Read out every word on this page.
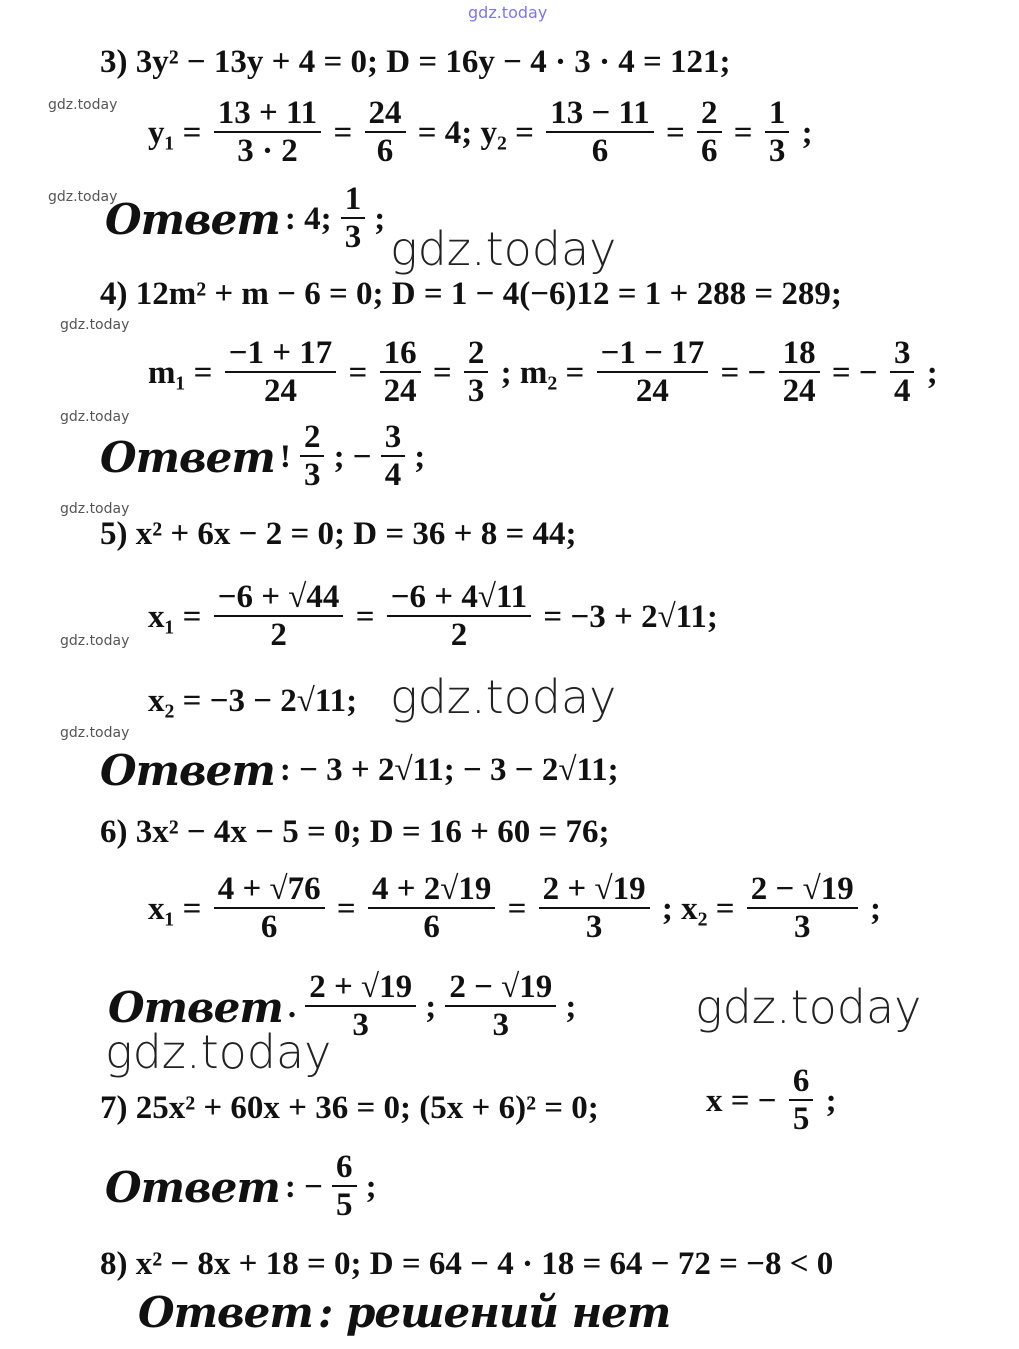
gdz.today
gdz.today
gdz.today
gdz.today
gdz.today
gdz.today
gdz.today
gdz.today
gdz.today
gdz.today
gdz.today
gdz.today
3) 3y² − 13y + 4 = 0; D = 16y − 4 · 3 · 4 = 121;
$y_1 = \frac{13 + 11}{3 \cdot 2} = \frac{24}{6} = 4$; $y_2 = \frac{13 - 11}{6} = \frac{2}{6} = \frac{1}{3}$ ;
Ответ : 4; $\frac{1}{3}$ ;
4) 12m² + m − 6 = 0; D = 1 − 4(−6)12 = 1 + 288 = 289;
$m_1 = \frac{-1 + 17}{24} = \frac{16}{24} = \frac{2}{3}$ ; $m_2 = \frac{-1 - 17}{24}$ = − $\frac{18}{24}$ = − $\frac{3}{4}$ ;
Ответ ! $\frac{2}{3}$ ; − $\frac{3}{4}$ ;
5) x² + 6x − 2 = 0; D = 36 + 8 = 44;
$x_1 = \frac{-6 + √44}{2} = \frac{-6 + 4√11}{2} = -3 + 2√11$;
x₂ = −3 − 2√11;
Ответ : − 3 + 2√11; − 3 − 2√11;
6) 3x² − 4x − 5 = 0; D = 16 + 60 = 76;
$x_1 = \frac{4 + √76}{6} = \frac{4 + 2√19}{6} = \frac{2 + √19}{3}$ ; $x_2 = \frac{2 - √19}{3}$ ;
Ответ . $\frac{2 + √19}{3}$ ; $\frac{2 - √19}{3}$ ;
7) 25x² + 60x + 36 = 0; (5x + 6)² = 0;	x = − $\frac{6}{5}$ ;
Ответ : − $\frac{6}{5}$ ;
8) x² − 8x + 18 = 0; D = 64 − 4 · 18 = 64 − 72 = −8 < 0
Ответ : решений нет
